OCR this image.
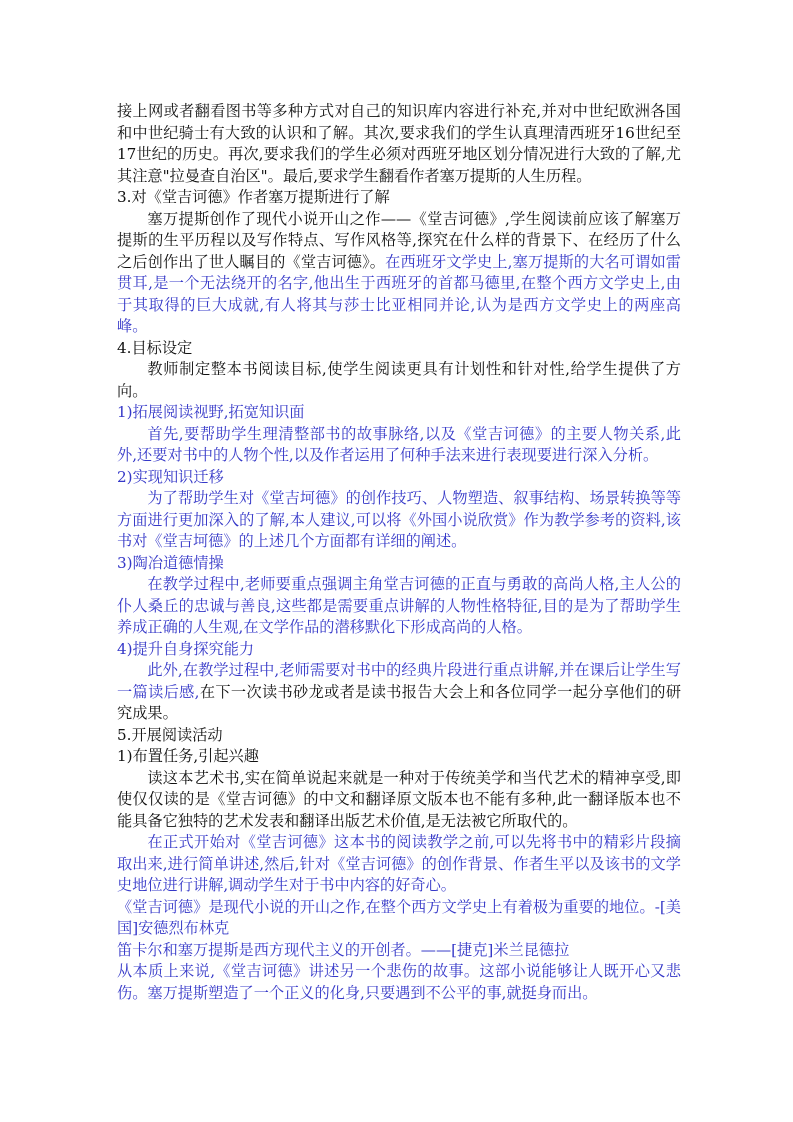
接上网或者翻看图书等多种方式对自己的知识库内容进行补充,并对中世纪欧洲各国和中世纪骑士有大致的认识和了解。其次,要求我们的学生认真理清西班牙16世纪至17世纪的历史。再次,要求我们的学生必须对西班牙地区划分情况进行大致的了解,尤其注意"拉曼查自治区"。最后,要求学生翻看作者塞万提斯的人生历程。

3.对《堂吉诃德》作者塞万提斯进行了解

塞万提斯创作了现代小说开山之作——《堂吉诃德》,学生阅读前应该了解塞万提斯的生平历程以及写作特点、写作风格等,探究在什么样的背景下、在经历了什么之后创作出了世人瞩目的《堂吉诃德》。在西班牙文学史上,塞万提斯的大名可谓如雷贯耳,是一个无法绕开的名字,他出生于西班牙的首都马德里,在整个西方文学史上,由于其取得的巨大成就,有人将其与莎士比亚相同并论,认为是西方文学史上的两座高峰。

4.目标设定

教师制定整本书阅读目标,使学生阅读更具有计划性和针对性,给学生提供了方向。

1)拓展阅读视野,拓宽知识面

首先,要帮助学生理清整部书的故事脉络,以及《堂吉诃德》的主要人物关系,此外,还要对书中的人物个性,以及作者运用了何种手法来进行表现要进行深入分析。

2)实现知识迁移

为了帮助学生对《堂吉坷德》的创作技巧、人物塑造、叙事结构、场景转换等等方面进行更加深入的了解,本人建议,可以将《外国小说欣赏》作为教学参考的资料,该书对《堂吉坷德》的上述几个方面都有详细的阐述。

3)陶冶道德情操

在教学过程中,老师要重点强调主角堂吉诃德的正直与勇敢的高尚人格,主人公的仆人桑丘的忠诚与善良,这些都是需要重点讲解的人物性格特征,目的是为了帮助学生养成正确的人生观,在文学作品的潜移默化下形成高尚的人格。

4)提升自身探究能力

此外,在教学过程中,老师需要对书中的经典片段进行重点讲解,并在课后让学生写一篇读后感,在下一次读书砂龙或者是读书报告大会上和各位同学一起分享他们的研究成果。

5.开展阅读活动

1)布置任务,引起兴趣

读这本艺术书,实在简单说起来就是一种对于传统美学和当代艺术的精神享受,即使仅仅读的是《堂吉诃德》的中文和翻译原文版本也不能有多种,此一翻译版本也不能具备它独特的艺术发表和翻译出版艺术价值,是无法被它所取代的。

在正式开始对《堂吉诃德》这本书的阅读教学之前,可以先将书中的精彩片段摘取出来,进行简单讲述,然后,针对《堂吉诃德》的创作背景、作者生平以及该书的文学史地位进行讲解,调动学生对于书中内容的好奇心。

《堂吉诃德》是现代小说的开山之作,在整个西方文学史上有着极为重要的地位。-[美国]安德烈布林克

笛卡尔和塞万提斯是西方现代主义的开创者。——[捷克]米兰昆德拉

从本质上来说,《堂吉诃德》讲述另一个悲伤的故事。这部小说能够让人既开心又悲伤。塞万提斯塑造了一个正义的化身,只要遇到不公平的事,就挺身而出。
